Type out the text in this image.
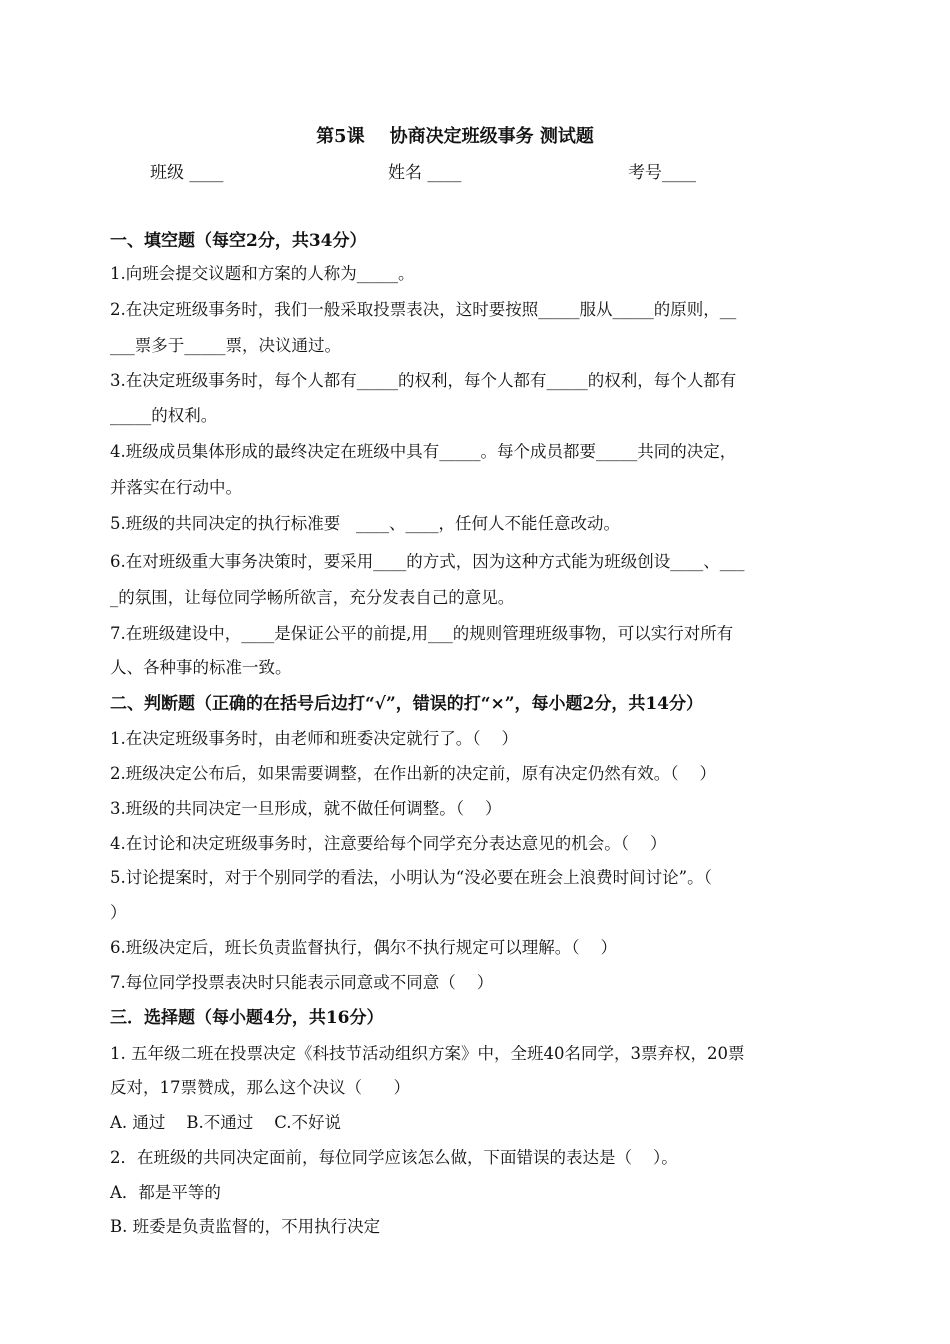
第5课    协商决定班级事务 测试题
班级 ____	姓名 ____	考号____
一、填空题（每空2分，共34分）
1.向班会提交议题和方案的人称为_____。
2.在决定班级事务时，我们一般采取投票表决，这时要按照_____服从_____的原则，__
___票多于_____票，决议通过。
3.在决定班级事务时，每个人都有_____的权利，每个人都有_____的权利，每个人都有
_____的权利。
4.班级成员集体形成的最终决定在班级中具有_____。每个成员都要_____共同的决定，
并落实在行动中。
5.班级的共同决定的执行标准要   ____、____，任何人不能任意改动。
6.在对班级重大事务决策时，要采用____的方式，因为这种方式能为班级创设____、___
_的氛围，让每位同学畅所欲言，充分发表自己的意见。
7.在班级建设中，____是保证公平的前提,用___的规则管理班级事物，可以实行对所有
人、各种事的标准一致。
二、判断题（正确的在括号后边打“√”，错误的打“×”，每小题2分，共14分）
1.在决定班级事务时，由老师和班委决定就行了。（    ）
2.班级决定公布后，如果需要调整，在作出新的决定前，原有决定仍然有效。（    ）
3.班级的共同决定一旦形成，就不做任何调整。（    ）
4.在讨论和决定班级事务时，注意要给每个同学充分表达意见的机会。（    ）
5.讨论提案时，对于个别同学的看法，小明认为“没必要在班会上浪费时间讨论”。（
）
6.班级决定后，班长负责监督执行，偶尔不执行规定可以理解。（    ）
7.每位同学投票表决时只能表示同意或不同意（    ）
三．选择题（每小题4分，共16分）
1. 五年级二班在投票决定《科技节活动组织方案》中，全班40名同学，3票弃权，20票
反对，17票赞成，那么这个决议（      ）
A. 通过    B.不通过    C.不好说
2．在班级的共同决定面前，每位同学应该怎么做，下面错误的表达是（    ）。
A．都是平等的
B. 班委是负责监督的，不用执行决定
